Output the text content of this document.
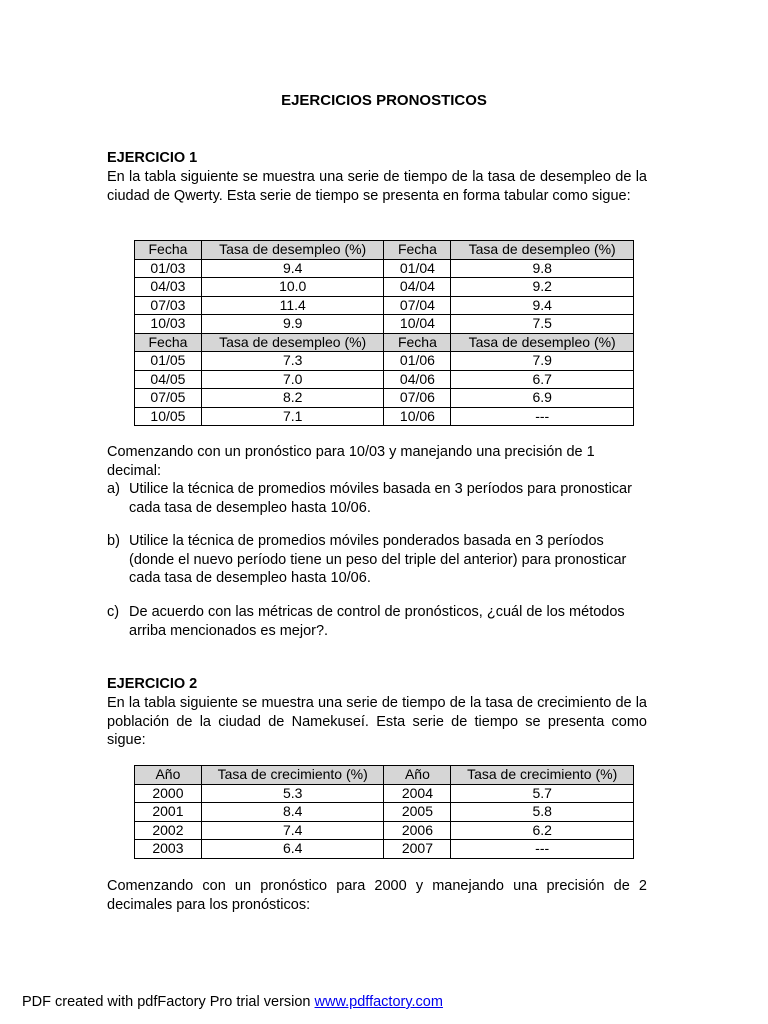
EJERCICIOS PRONOSTICOS
EJERCICIO 1
En la tabla siguiente se muestra una serie de tiempo de la tasa de desempleo de la ciudad de Qwerty. Esta serie de tiempo se presenta en forma tabular como sigue:
Fecha	Tasa de desempleo (%)	Fecha	Tasa de desempleo (%)
01/03	9.4	01/04	9.8
04/03	10.0	04/04	9.2
07/03	11.4	07/04	9.4
10/03	9.9	10/04	7.5
Fecha	Tasa de desempleo (%)	Fecha	Tasa de desempleo (%)
01/05	7.3	01/06	7.9
04/05	7.0	04/06	6.7
07/05	8.2	07/06	6.9
10/05	7.1	10/06	---
Comenzando con un pronóstico para 10/03 y manejando una precisión de 1 decimal:
a) Utilice la técnica de promedios móviles basada en 3 períodos para pronosticar cada tasa de desempleo hasta 10/06.
b) Utilice la técnica de promedios móviles ponderados basada en 3 períodos (donde el nuevo período tiene un peso del triple del anterior) para pronosticar cada tasa de desempleo hasta 10/06.
c) De acuerdo con las métricas de control de pronósticos, ¿cuál de los métodos arriba mencionados es mejor?.
EJERCICIO 2
En la tabla siguiente se muestra una serie de tiempo de la tasa de crecimiento de la población de la ciudad de Namekuseí. Esta serie de tiempo se presenta como sigue:
Año	Tasa de crecimiento (%)	Año	Tasa de crecimiento (%)
2000	5.3	2004	5.7
2001	8.4	2005	5.8
2002	7.4	2006	6.2
2003	6.4	2007	---
Comenzando con un pronóstico para 2000 y manejando una precisión de 2 decimales para los pronósticos:
PDF created with pdfFactory Pro trial version www.pdffactory.com
